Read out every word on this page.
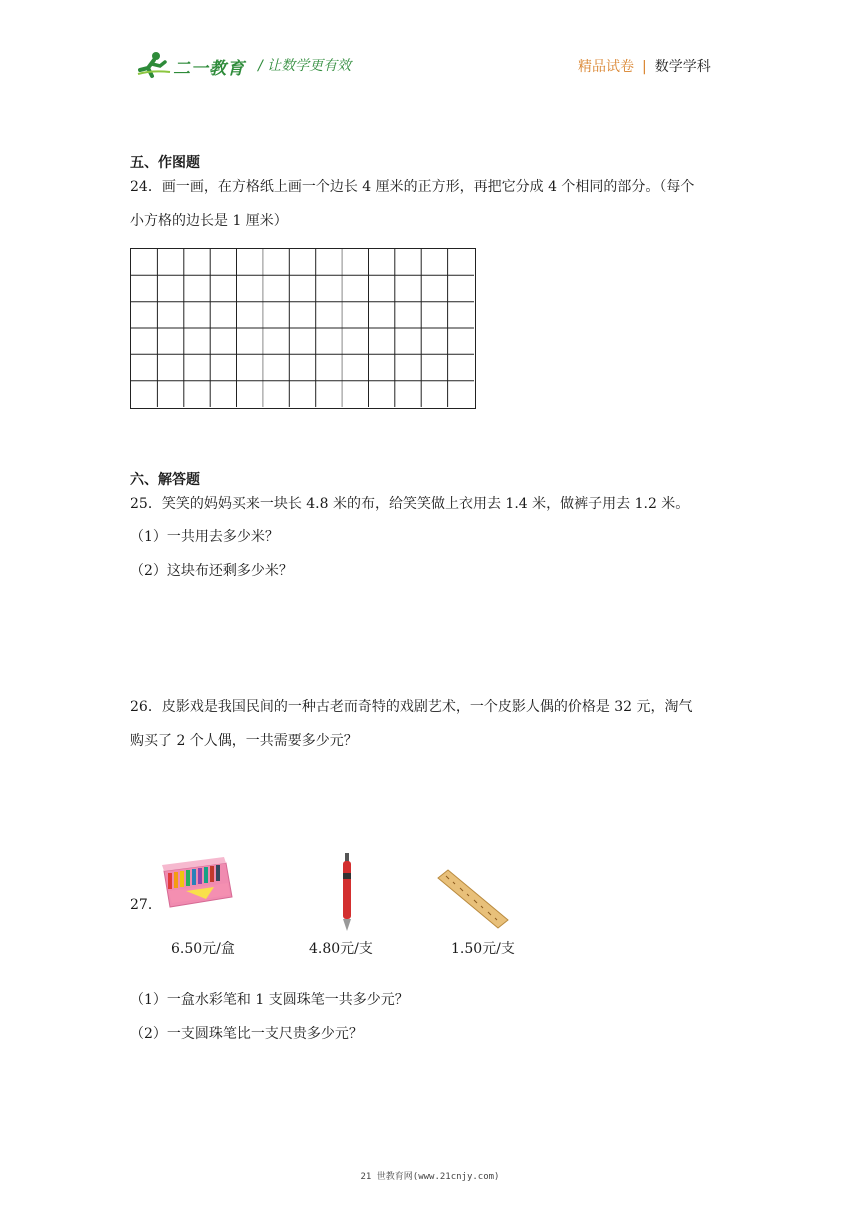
二一教育 / 让数学更有效	精品试卷 | 数学学科
五、作图题
24．画一画，在方格纸上画一个边长 4 厘米的正方形，再把它分成 4 个相同的部分。（每个
小方格的边长是 1 厘米）
六、解答题
25．笑笑的妈妈买来一块长 4.8 米的布，给笑笑做上衣用去 1.4 米，做裤子用去 1.2 米。
（1）一共用去多少米？
（2）这块布还剩多少米？
26．皮影戏是我国民间的一种古老而奇特的戏剧艺术，一个皮影人偶的价格是 32 元，淘气
购买了 2 个人偶，一共需要多少元？
27．
6.50元/盒	4.80元/支	1.50元/支
（1）一盒水彩笔和 1 支圆珠笔一共多少元？
（2）一支圆珠笔比一支尺贵多少元？
21 世教育网(www.21cnjy.com)
